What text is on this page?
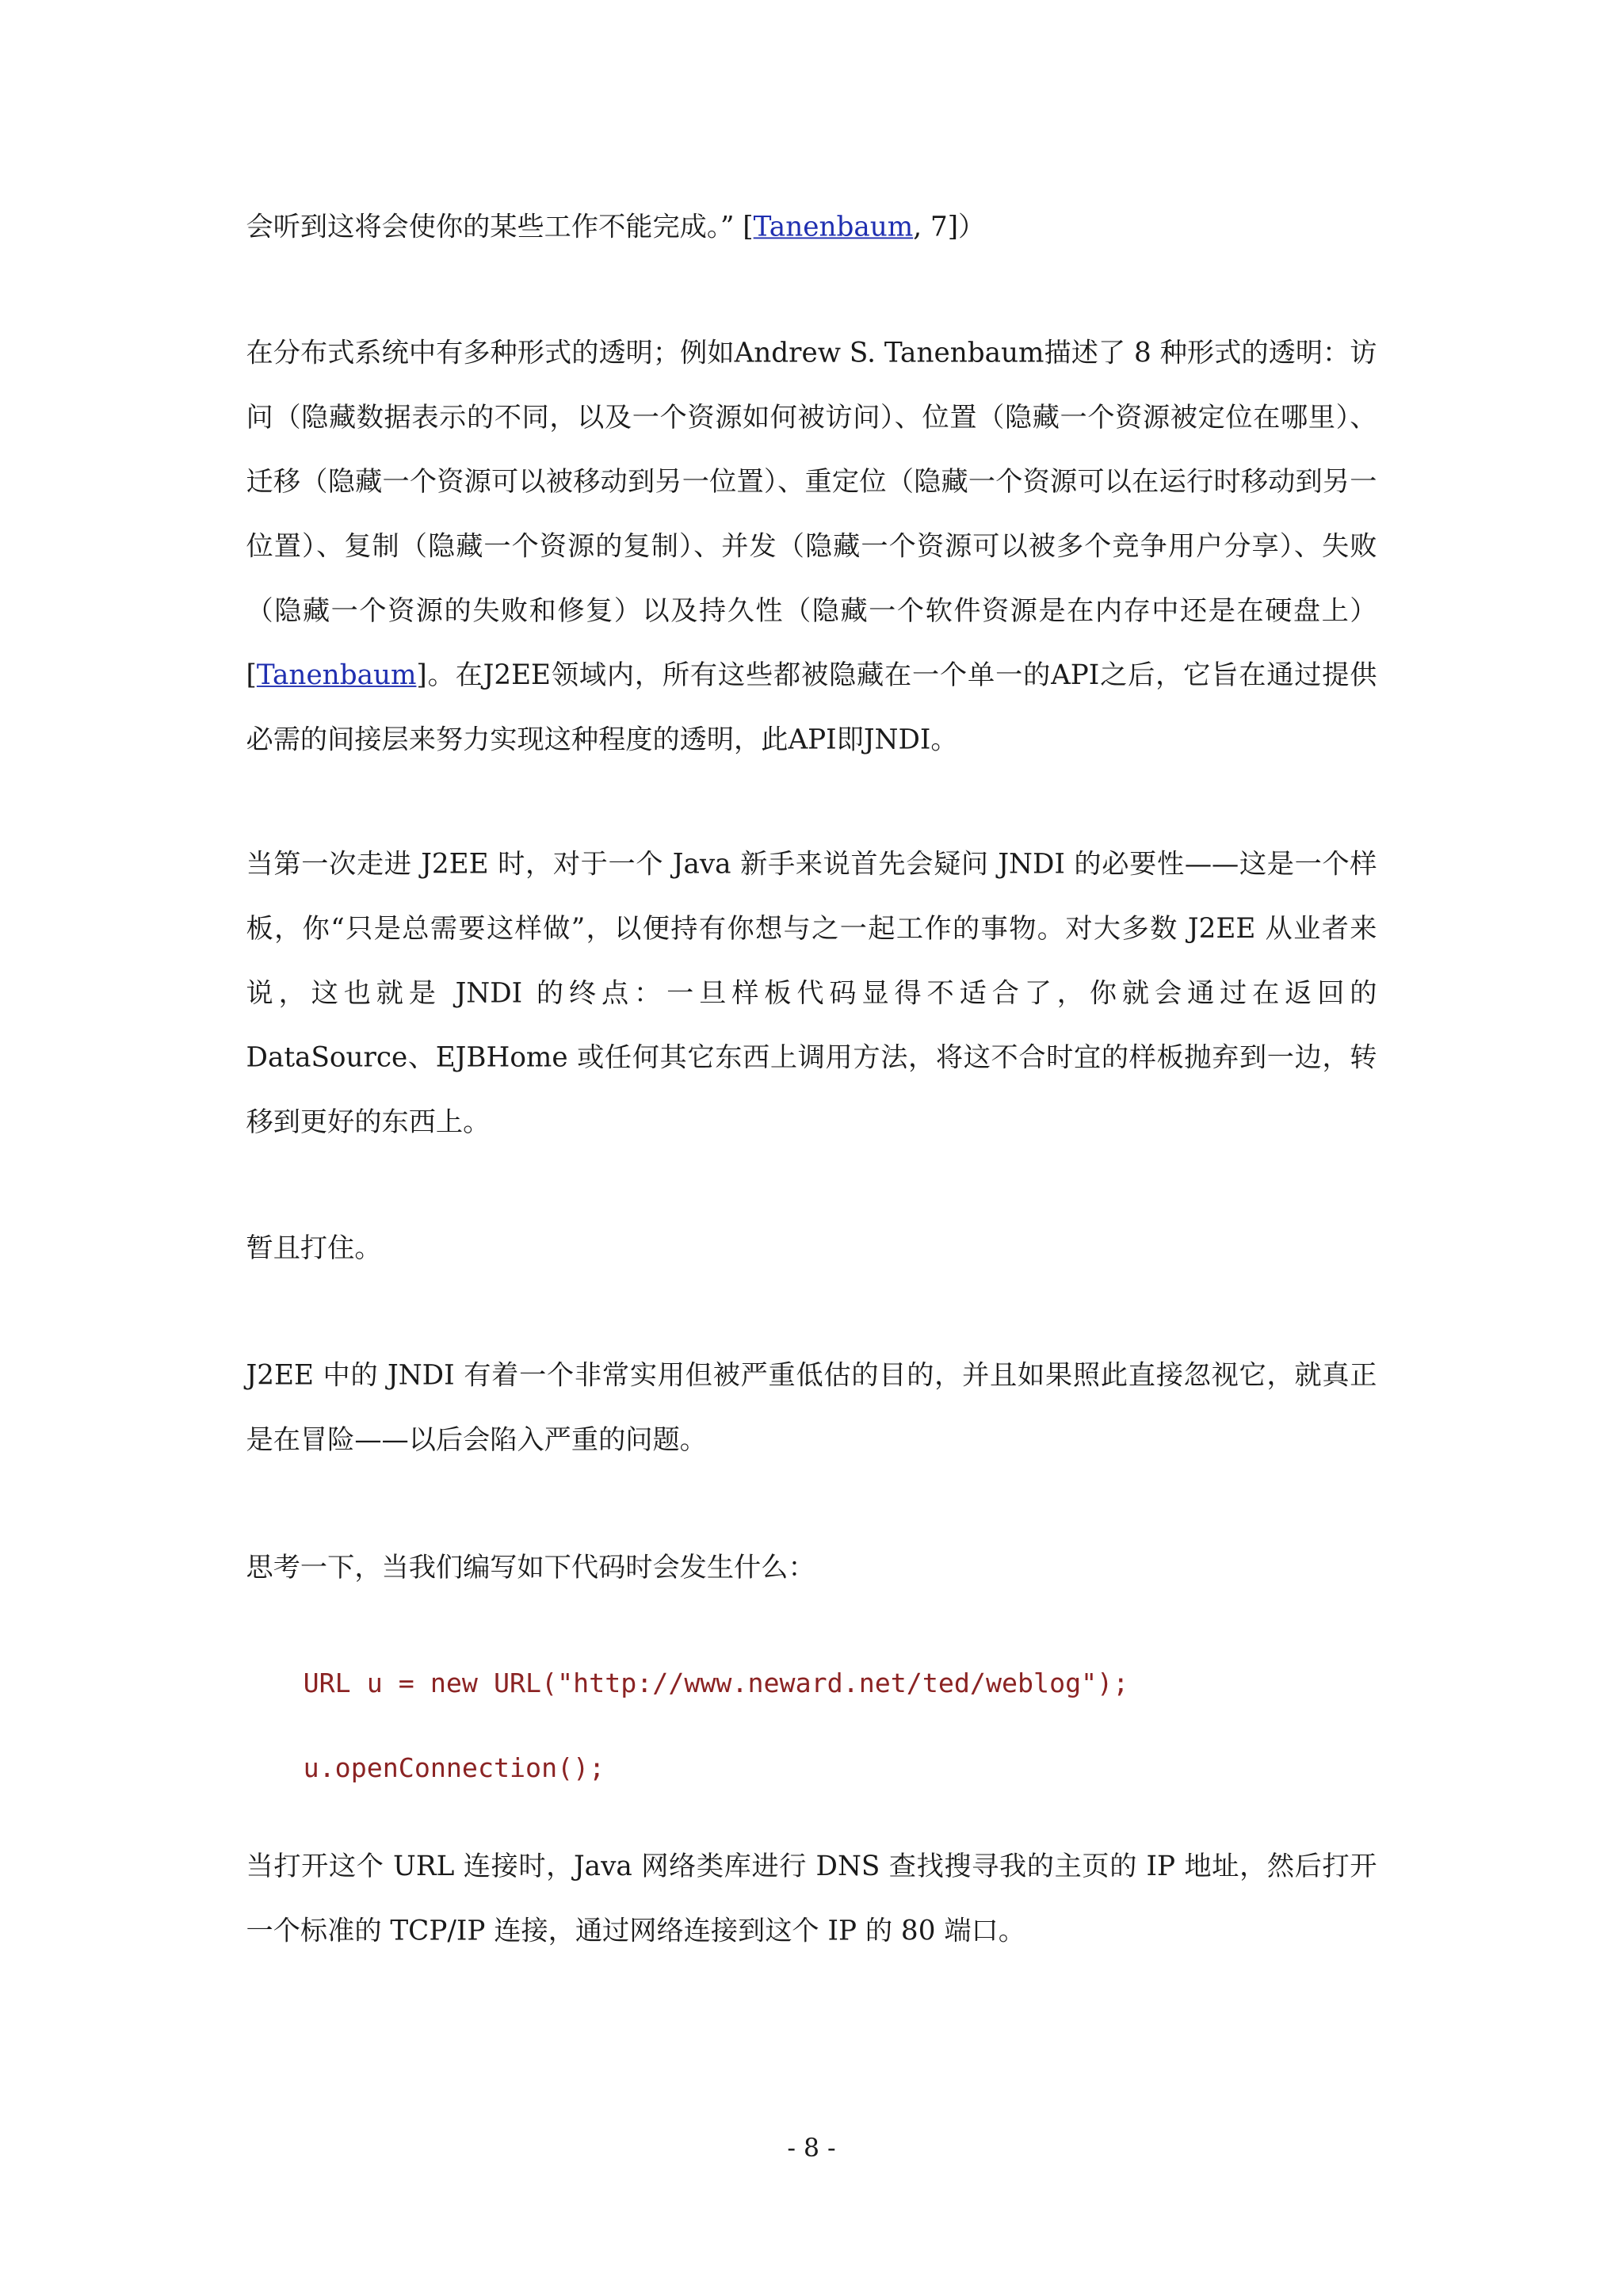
会听到这将会使你的某些工作不能完成。” [Tanenbaum, 7]）

在分布式系统中有多种形式的透明；例如Andrew S. Tanenbaum描述了 8 种形式的透明：访问（隐藏数据表示的不同，以及一个资源如何被访问）、位置（隐藏一个资源被定位在哪里）、迁移（隐藏一个资源可以被移动到另一位置）、重定位（隐藏一个资源可以在运行时移动到另一位置）、复制（隐藏一个资源的复制）、并发（隐藏一个资源可以被多个竞争用户分享）、失败（隐藏一个资源的失败和修复）以及持久性（隐藏一个软件资源是在内存中还是在硬盘上）[Tanenbaum]。在J2EE领域内，所有这些都被隐藏在一个单一的API之后，它旨在通过提供必需的间接层来努力实现这种程度的透明，此API即JNDI。

当第一次走进 J2EE 时，对于一个 Java 新手来说首先会疑问 JNDI 的必要性——这是一个样板，你“只是总需要这样做”，以便持有你想与之一起工作的事物。对大多数 J2EE 从业者来说，这也就是 JNDI 的终点：一旦样板代码显得不适合了，你就会通过在返回的 DataSource、EJBHome 或任何其它东西上调用方法，将这不合时宜的样板抛弃到一边，转移到更好的东西上。

暂且打住。

J2EE 中的 JNDI 有着一个非常实用但被严重低估的目的，并且如果照此直接忽视它，就真正是在冒险——以后会陷入严重的问题。

思考一下，当我们编写如下代码时会发生什么：

URL u = new URL("http://www.neward.net/ted/weblog");
u.openConnection();

当打开这个 URL 连接时，Java 网络类库进行 DNS 查找搜寻我的主页的 IP 地址，然后打开一个标准的 TCP/IP 连接，通过网络连接到这个 IP 的 80 端口。

- 8 -
